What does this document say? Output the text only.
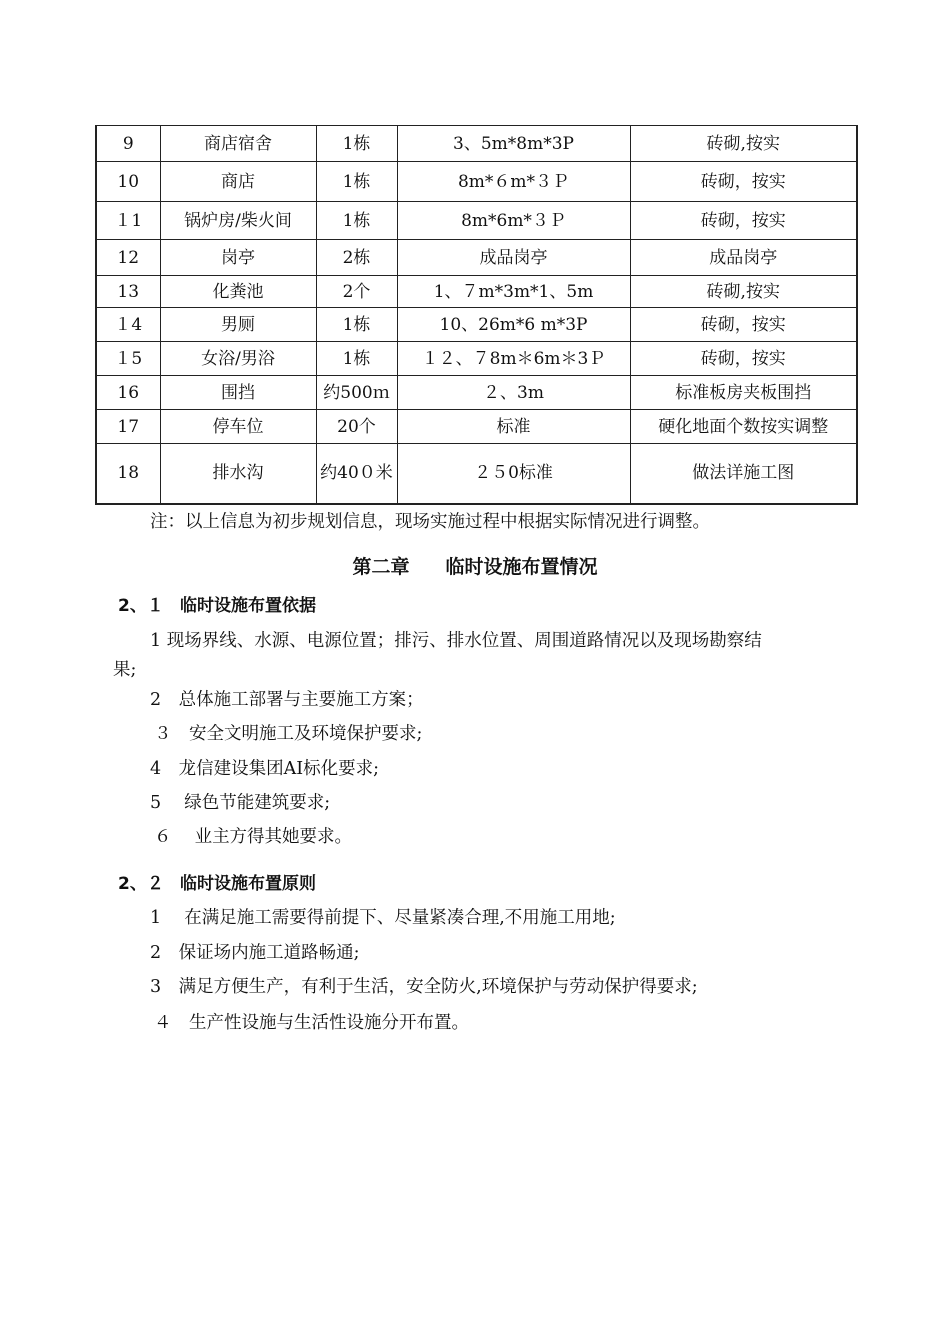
9	商店宿舍	1栋	3、5m*8m*3P	砖砌,按实
10	商店	1栋	8m*６m*３Ｐ	砖砌，按实
１1	锅炉房/柴火间	1栋	8m*6m*３Ｐ	砖砌，按实
12	岗亭	2栋	成品岗亭	成品岗亭
13	化粪池	2个	1、７m*3m*1、5m	砖砌,按实
１4	男厕	1栋	10、26m*6 m*3P	砖砌，按实
１5	女浴/男浴	1栋	１２、７8m＊6m＊3Ｐ	砖砌，按实
16	围挡	约500ｍ	２、3m	标准板房夹板围挡
17	停车位	20个	标准	硬化地面个数按实调整
18	排水沟	约40０米	２５0标准	做法详施工图

注：以上信息为初步规划信息，现场实施过程中根据实际情况进行调整。

第二章 临时设施布置情况
2、１ 临时设施布置依据

1 现场界线、水源、电源位置；排污、排水位置、周围道路情况以及现场勘察结

果;

2　总体施工部署与主要施工方案；

３　安全文明施工及环境保护要求;

4　龙信建设集团AI标化要求;

5　 绿色节能建筑要求;

６　 业主方得其她要求。

2、２ 临时设施布置原则

1　 在满足施工需要得前提下、尽量紧凑合理,不用施工用地;

2　保证场内施工道路畅通;

3　满足方便生产，有利于生活，安全防火,环境保护与劳动保护得要求;

４　生产性设施与生活性设施分开布置。
